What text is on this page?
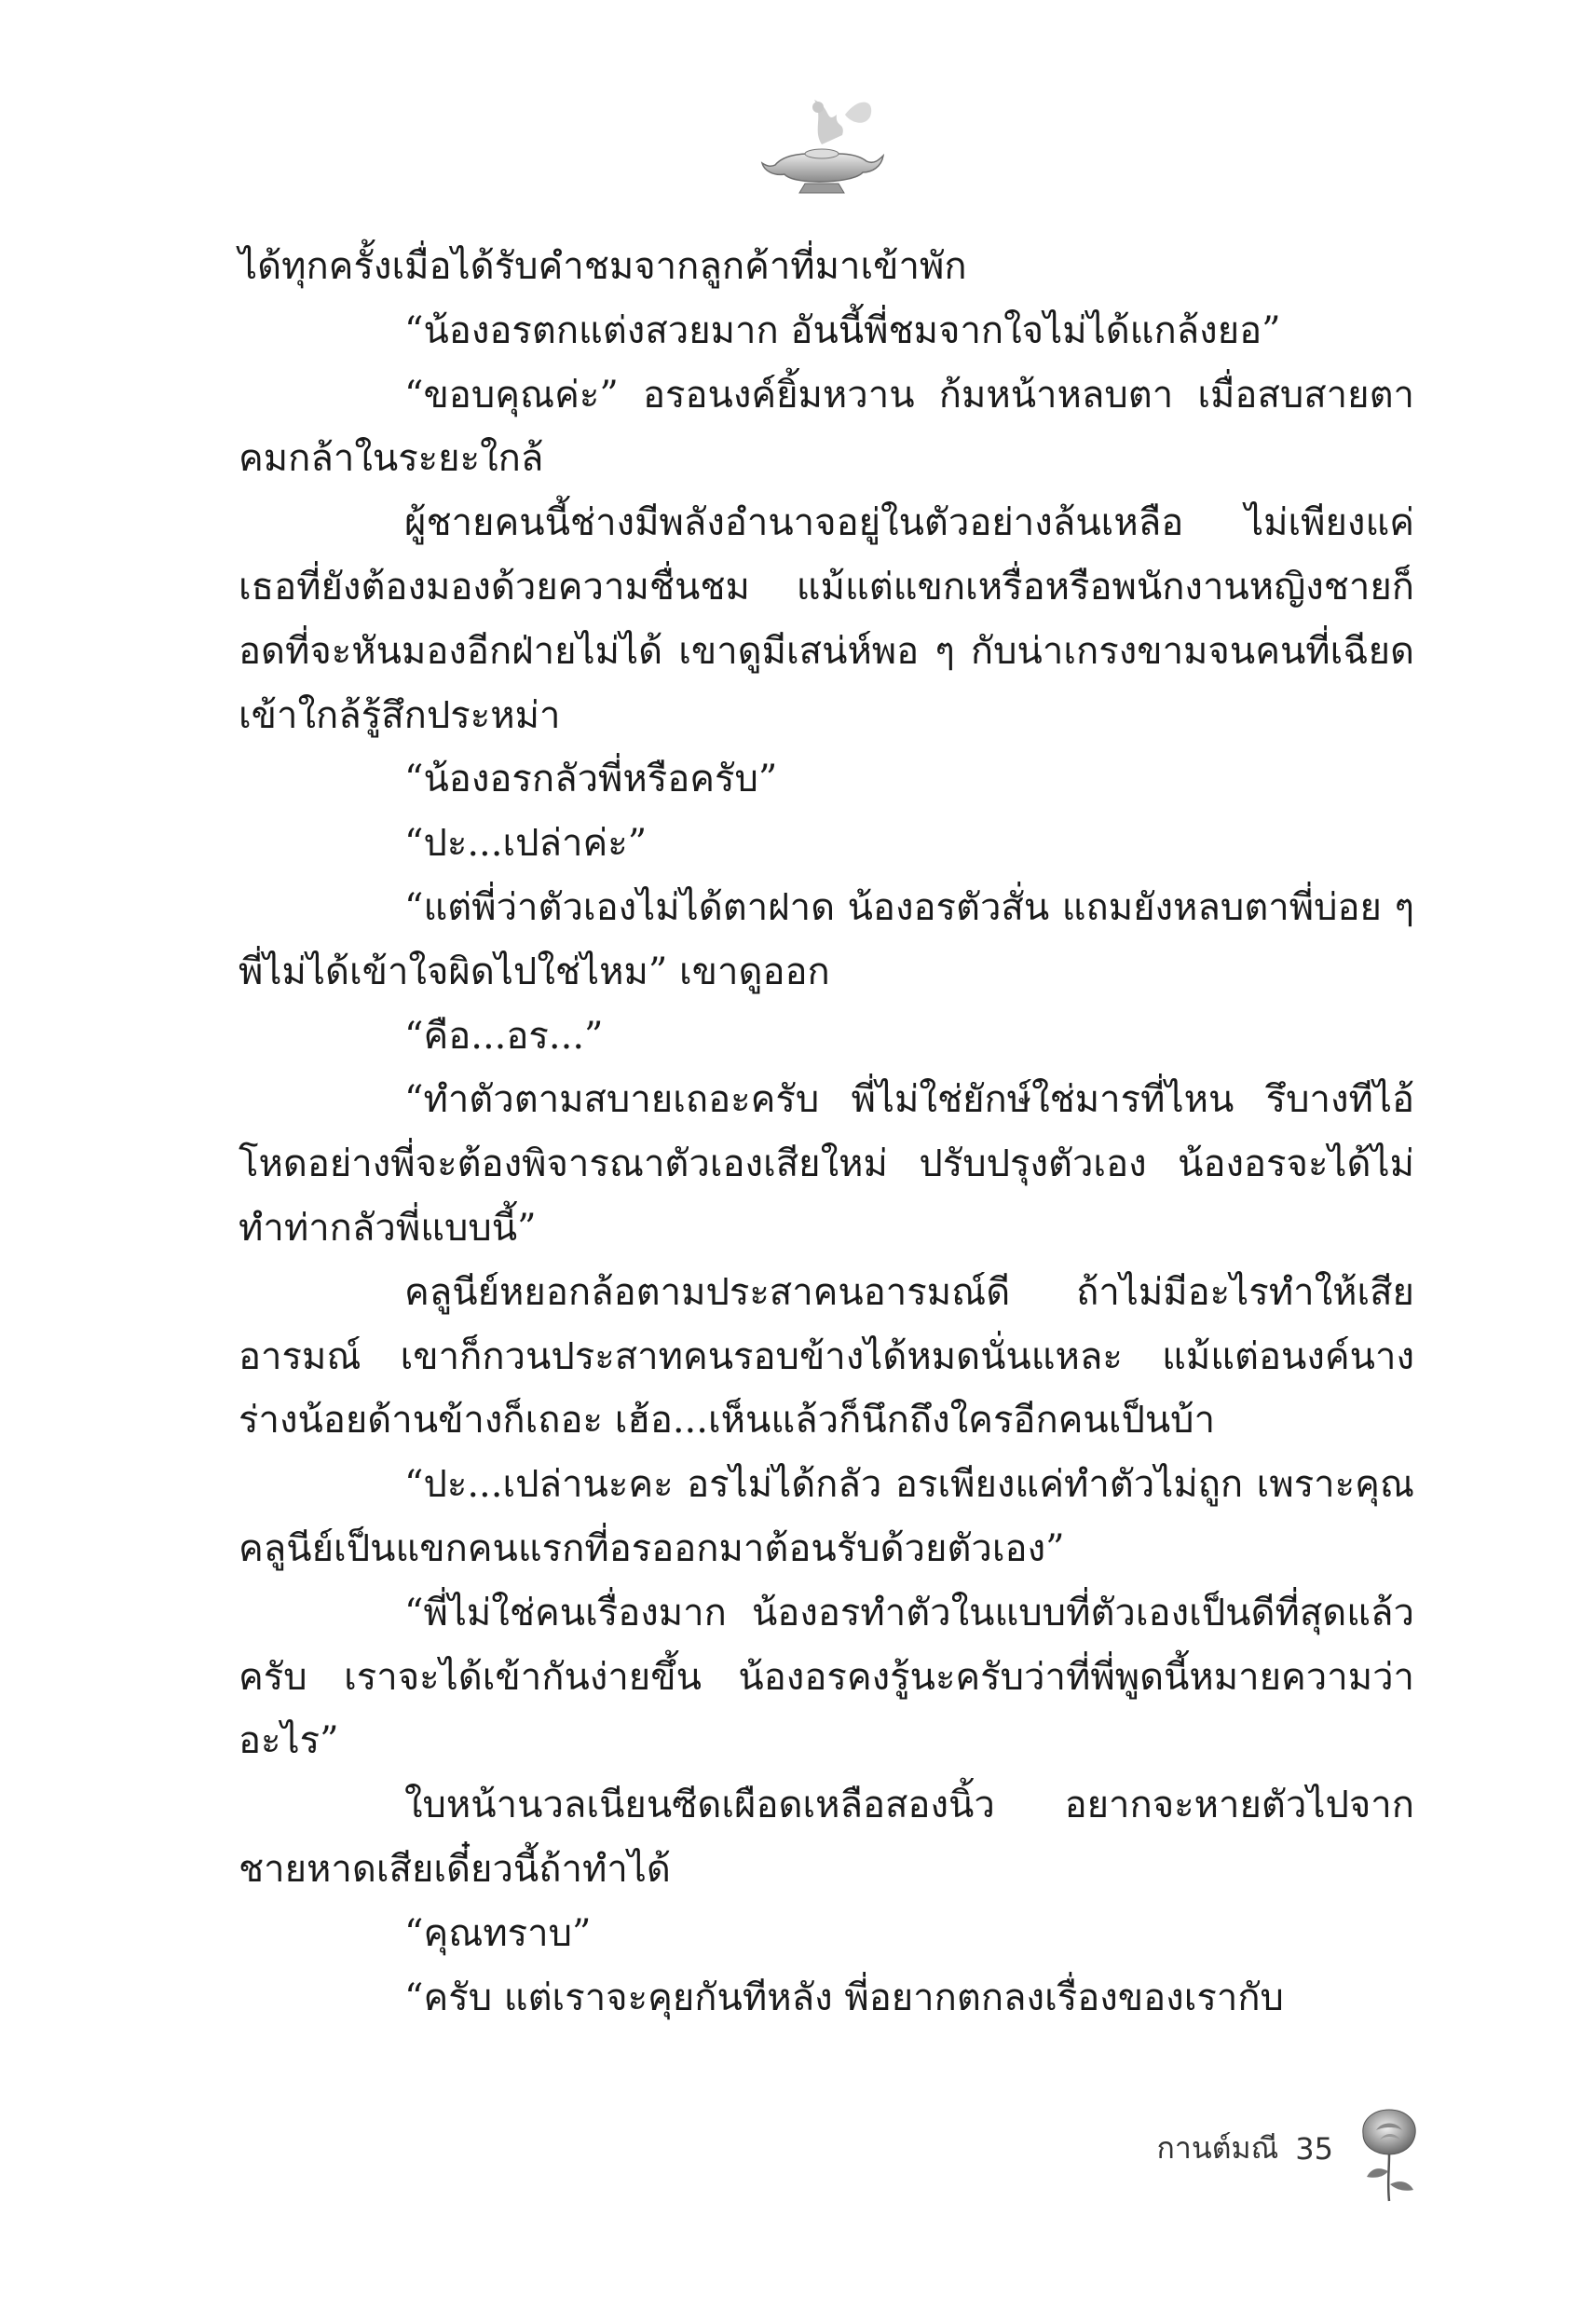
ได้ทุกครั้งเมื่อได้รับคำชมจากลูกค้าที่มาเข้าพัก

“น้องอรตกแต่งสวยมาก อันนี้พี่ชมจากใจไม่ได้แกล้งยอ”

“ขอบคุณค่ะ” อรอนงค์ยิ้มหวาน ก้มหน้าหลบตา เมื่อสบสายตาคมกล้าในระยะใกล้

ผู้ชายคนนี้ช่างมีพลังอำนาจอยู่ในตัวอย่างล้นเหลือ ไม่เพียงแค่เธอที่ยังต้องมองด้วยความชื่นชม แม้แต่แขกเหรื่อหรือพนักงานหญิงชายก็อดที่จะหันมองอีกฝ่ายไม่ได้ เขาดูมีเสน่ห์พอ ๆ กับน่าเกรงขามจนคนที่เฉียดเข้าใกล้รู้สึกประหม่า

“น้องอรกลัวพี่หรือครับ”

“ปะ...เปล่าค่ะ”

“แต่พี่ว่าตัวเองไม่ได้ตาฝาด น้องอรตัวสั่น แถมยังหลบตาพี่บ่อย ๆ พี่ไม่ได้เข้าใจผิดไปใช่ไหม” เขาดูออก

“คือ...อร...”

“ทำตัวตามสบายเถอะครับ พี่ไม่ใช่ยักษ์ใช่มารที่ไหน รึบางทีไอ้โหดอย่างพี่จะต้องพิจารณาตัวเองเสียใหม่ ปรับปรุงตัวเอง น้องอรจะได้ไม่ทำท่ากลัวพี่แบบนี้”

คลูนีย์หยอกล้อตามประสาคนอารมณ์ดี ถ้าไม่มีอะไรทำให้เสียอารมณ์ เขาก็กวนประสาทคนรอบข้างได้หมดนั่นแหละ แม้แต่อนงค์นางร่างน้อยด้านข้างก็เถอะ เฮ้อ...เห็นแล้วก็นึกถึงใครอีกคนเป็นบ้า

“ปะ...เปล่านะคะ อรไม่ได้กลัว อรเพียงแค่ทำตัวไม่ถูก เพราะคุณคลูนีย์เป็นแขกคนแรกที่อรออกมาต้อนรับด้วยตัวเอง”

“พี่ไม่ใช่คนเรื่องมาก น้องอรทำตัวในแบบที่ตัวเองเป็นดีที่สุดแล้วครับ เราจะได้เข้ากันง่ายขึ้น น้องอรคงรู้นะครับว่าที่พี่พูดนี้หมายความว่าอะไร”

ใบหน้านวลเนียนซีดเผือดเหลือสองนิ้ว อยากจะหายตัวไปจากชายหาดเสียเดี๋ยวนี้ถ้าทำได้

“คุณทราบ”

“ครับ แต่เราจะคุยกันทีหลัง พี่อยากตกลงเรื่องของเรากับ

กานต์มณี 35
